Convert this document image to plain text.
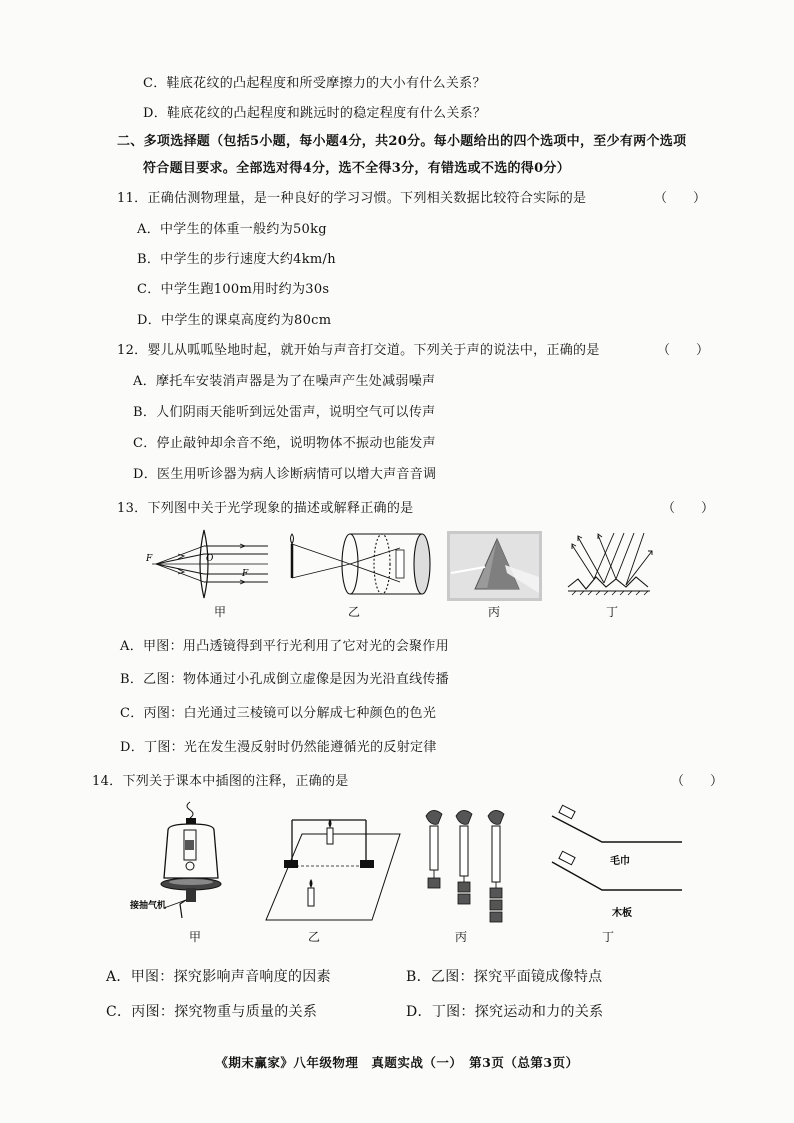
C．鞋底花纹的凸起程度和所受摩擦力的大小有什么关系？
D．鞋底花纹的凸起程度和跳远时的稳定程度有什么关系？
二、多项选择题（包括5小题，每小题4分，共20分。每小题给出的四个选项中，至少有两个选项
符合题目要求。全部选对得4分，选不全得3分，有错选或不选的得0分）
11．正确估测物理量，是一种良好的学习习惯。下列相关数据比较符合实际的是	（　　）
A．中学生的体重一般约为50kg
B．中学生的步行速度大约4km/h
C．中学生跑100m用时约为30s
D．中学生的课桌高度约为80cm
12．婴儿从呱呱坠地时起，就开始与声音打交道。下列关于声的说法中，正确的是	（　　）
A．摩托车安装消声器是为了在噪声产生处减弱噪声
B．人们阴雨天能听到远处雷声，说明空气可以传声
C．停止敲钟却余音不绝，说明物体不振动也能发声
D．医生用听诊器为病人诊断病情可以增大声音音调
13．下列图中关于光学现象的描述或解释正确的是	（　　）
F	O
F
甲	乙	丙	丁
A．甲图：用凸透镜得到平行光利用了它对光的会聚作用
B．乙图：物体通过小孔成倒立虚像是因为光沿直线传播
C．丙图：白光通过三棱镜可以分解成七种颜色的色光
D．丁图：光在发生漫反射时仍然能遵循光的反射定律
14．下列关于课本中插图的注释，正确的是	（　　）
接抽气机
甲	乙	丙
毛巾
木板
丁
A．甲图：探究影响声音响度的因素	B．乙图：探究平面镜成像特点
C．丙图：探究物重与质量的关系	D．丁图：探究运动和力的关系
《期末赢家》八年级物理　真题实战（一）　第3页（总第3页）
